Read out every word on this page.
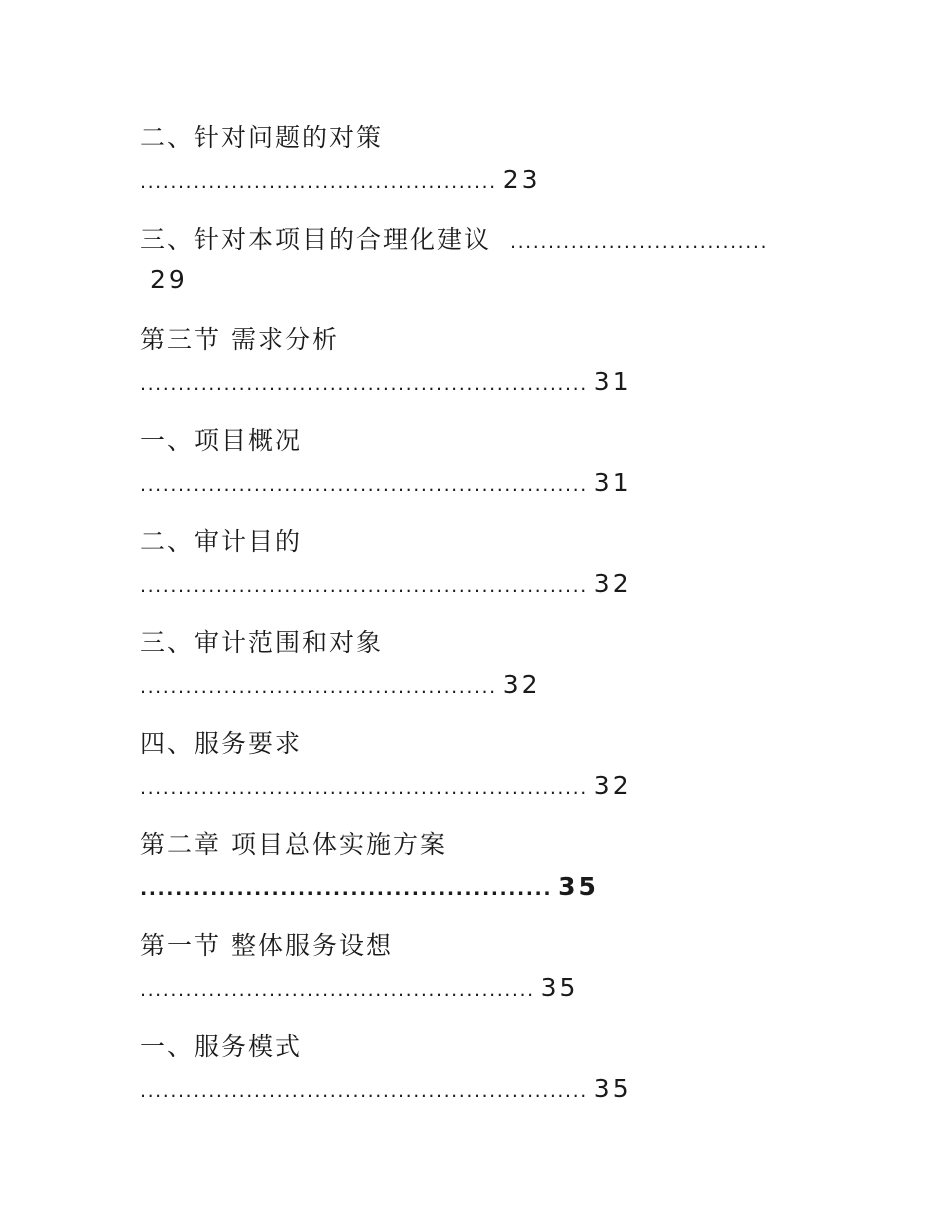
二、针对问题的对策
............................................... 23
三、针对本项目的合理化建议 ..................................
29
第三节 需求分析
........................................................... 31
一、项目概况
........................................................... 31
二、审计目的
........................................................... 32
三、审计范围和对象
............................................... 32
四、服务要求
........................................................... 32
第二章 项目总体实施方案
............................................... 35
第一节 整体服务设想
.................................................... 35
一、服务模式
........................................................... 35
